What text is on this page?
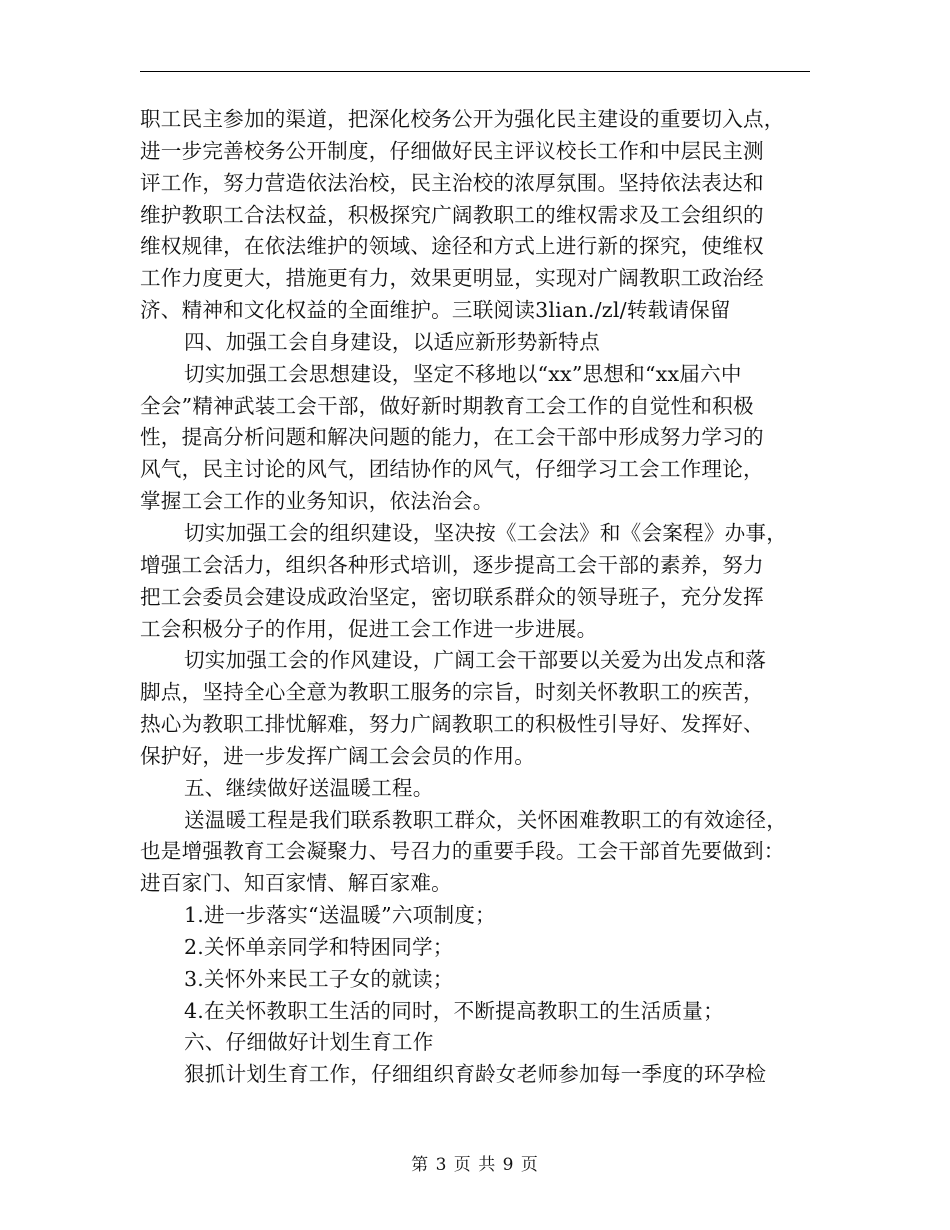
职工民主参加的渠道，把深化校务公开为强化民主建设的重要切入点，
进一步完善校务公开制度，仔细做好民主评议校长工作和中层民主测
评工作，努力营造依法治校，民主治校的浓厚氛围。坚持依法表达和
维护教职工合法权益，积极探究广阔教职工的维权需求及工会组织的
维权规律，在依法维护的领域、途径和方式上进行新的探究，使维权
工作力度更大，措施更有力，效果更明显，实现对广阔教职工政治经
济、精神和文化权益的全面维护。三联阅读3lian./zl/转载请保留
四、加强工会自身建设，以适应新形势新特点
切实加强工会思想建设，坚定不移地以“xx”思想和“xx届六中
全会”精神武装工会干部，做好新时期教育工会工作的自觉性和积极
性，提高分析问题和解决问题的能力，在工会干部中形成努力学习的
风气，民主讨论的风气，团结协作的风气，仔细学习工会工作理论，
掌握工会工作的业务知识，依法治会。
切实加强工会的组织建设，坚决按《工会法》和《会案程》办事，
增强工会活力，组织各种形式培训，逐步提高工会干部的素养，努力
把工会委员会建设成政治坚定，密切联系群众的领导班子，充分发挥
工会积极分子的作用，促进工会工作进一步进展。
切实加强工会的作风建设，广阔工会干部要以关爱为出发点和落
脚点，坚持全心全意为教职工服务的宗旨，时刻关怀教职工的疾苦，
热心为教职工排忧解难，努力广阔教职工的积极性引导好、发挥好、
保护好，进一步发挥广阔工会会员的作用。
五、继续做好送温暖工程。
送温暖工程是我们联系教职工群众，关怀困难教职工的有效途径，
也是增强教育工会凝聚力、号召力的重要手段。工会干部首先要做到：
进百家门、知百家情、解百家难。
1.进一步落实“送温暖”六项制度；
2.关怀单亲同学和特困同学；
3.关怀外来民工子女的就读；
4.在关怀教职工生活的同时，不断提高教职工的生活质量；
六、仔细做好计划生育工作
狠抓计划生育工作，仔细组织育龄女老师参加每一季度的环孕检
第 3 页 共 9 页
